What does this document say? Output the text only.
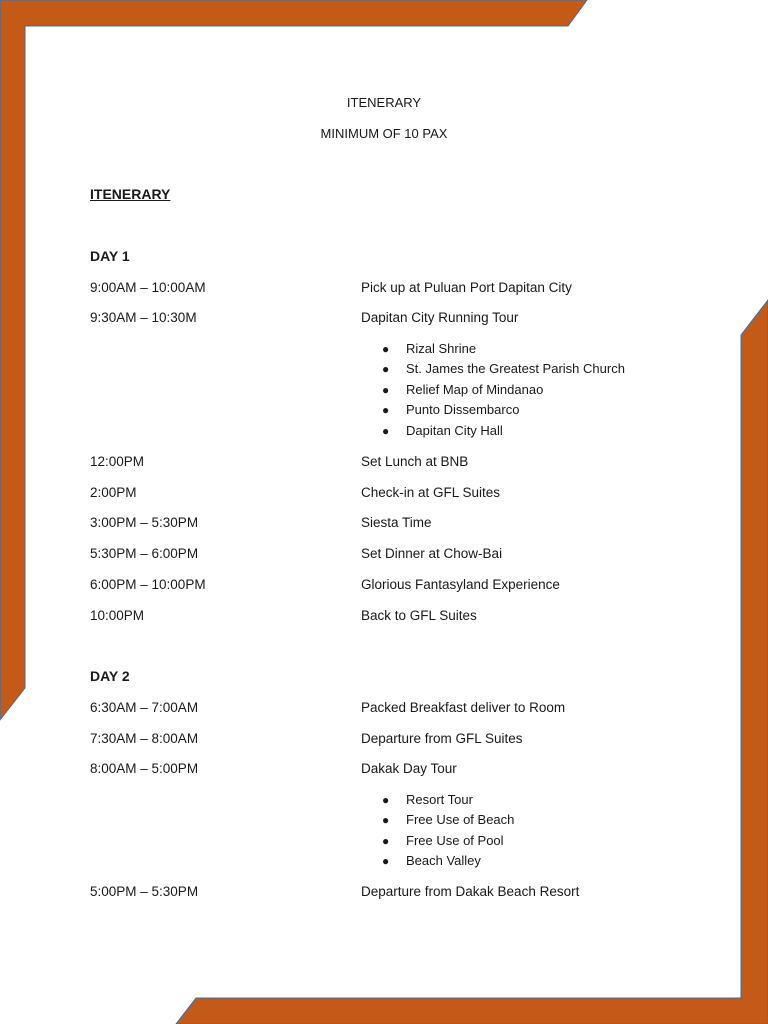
ITENERARY
MINIMUM OF 10 PAX
ITENERARY
DAY 1
9:00AM – 10:00AM	Pick up at Puluan Port Dapitan City
9:30AM – 10:30M	Dapitan City Running Tour
● Rizal Shrine
● St. James the Greatest Parish Church
● Relief Map of Mindanao
● Punto Dissembarco
● Dapitan City Hall
12:00PM	Set Lunch at BNB
2:00PM	Check-in at GFL Suites
3:00PM – 5:30PM	Siesta Time
5:30PM – 6:00PM	Set Dinner at Chow-Bai
6:00PM – 10:00PM	Glorious Fantasyland Experience
10:00PM	Back to GFL Suites
DAY 2
6:30AM – 7:00AM	Packed Breakfast deliver to Room
7:30AM – 8:00AM	Departure from GFL Suites
8:00AM – 5:00PM	Dakak Day Tour
● Resort Tour
● Free Use of Beach
● Free Use of Pool
● Beach Valley
5:00PM – 5:30PM	Departure from Dakak Beach Resort
